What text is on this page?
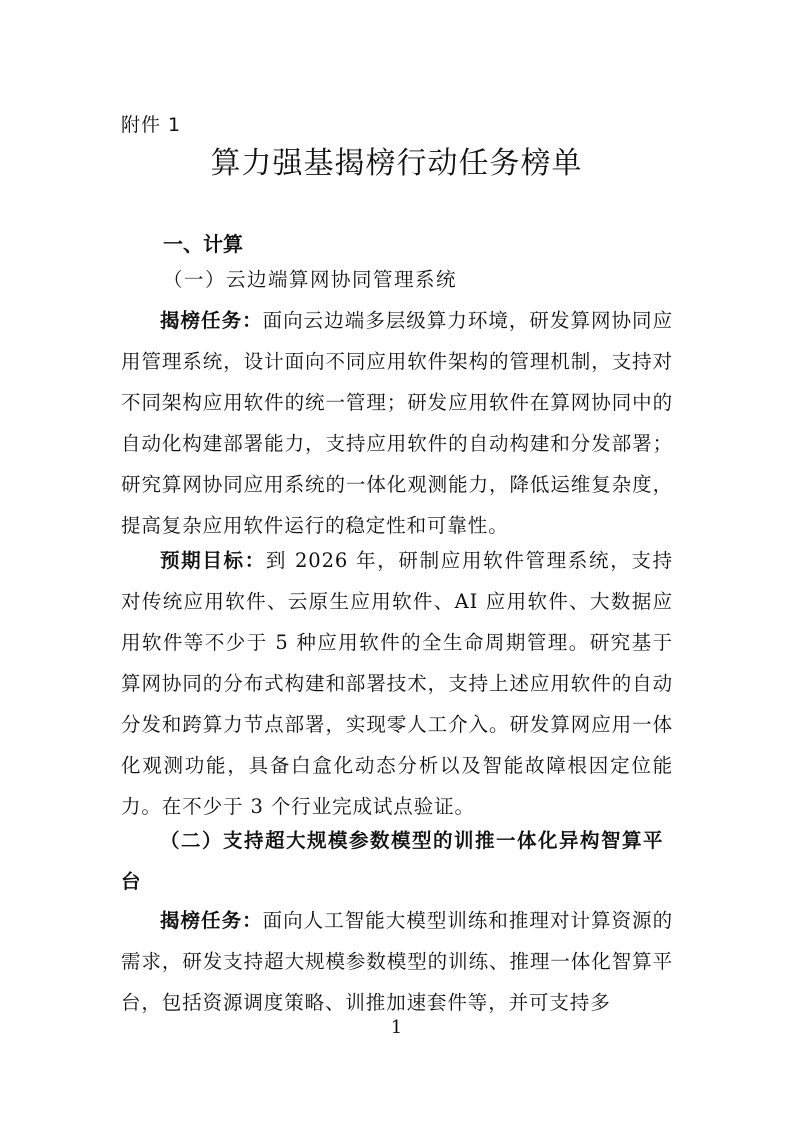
附件 1
算力强基揭榜行动任务榜单
一、计算
（一）云边端算网协同管理系统

揭榜任务：面向云边端多层级算力环境，研发算网协同应用管理系统，设计面向不同应用软件架构的管理机制，支持对不同架构应用软件的统一管理；研发应用软件在算网协同中的自动化构建部署能力，支持应用软件的自动构建和分发部署；研究算网协同应用系统的一体化观测能力，降低运维复杂度，提高复杂应用软件运行的稳定性和可靠性。

预期目标：到 2026 年，研制应用软件管理系统，支持对传统应用软件、云原生应用软件、AI 应用软件、大数据应用软件等不少于 5 种应用软件的全生命周期管理。研究基于算网协同的分布式构建和部署技术，支持上述应用软件的自动分发和跨算力节点部署，实现零人工介入。研发算网应用一体化观测功能，具备白盒化动态分析以及智能故障根因定位能力。在不少于 3 个行业完成试点验证。

（二）支持超大规模参数模型的训推一体化异构智算平台

揭榜任务：面向人工智能大模型训练和推理对计算资源的需求，研发支持超大规模参数模型的训练、推理一体化智算平台，包括资源调度策略、训推加速套件等，并可支持多

1
